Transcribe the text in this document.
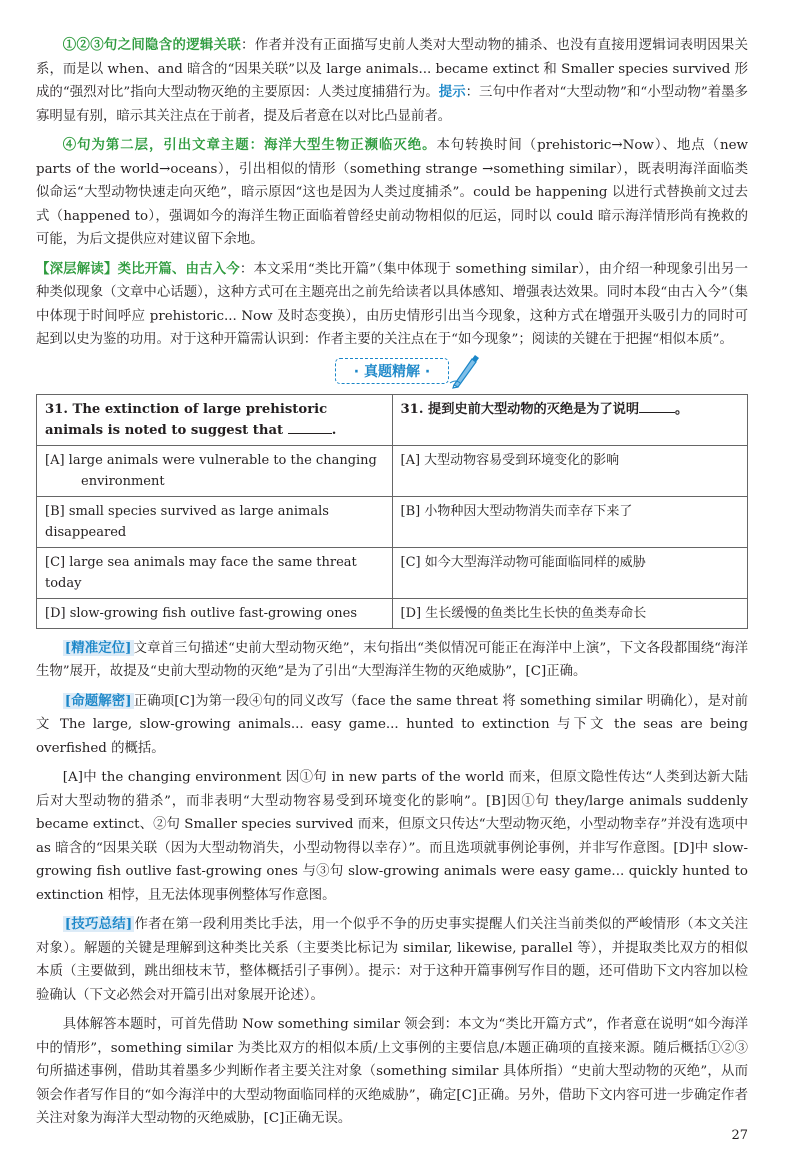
①②③句之间隐含的逻辑关联：作者并没有正面描写史前人类对大型动物的捕杀、也没有直接用逻辑词表明因果关系，而是以 when、and 暗含的“因果关联”以及 large animals... became extinct 和 Smaller species survived 形成的“强烈对比”指向大型动物灭绝的主要原因：人类过度捕猎行为。提示：三句中作者对“大型动物”和“小型动物”着墨多寡明显有别，暗示其关注点在于前者，提及后者意在以对比凸显前者。

④句为第二层，引出文章主题：海洋大型生物正濒临灭绝。本句转换时间（prehistoric→Now）、地点（new parts of the world→oceans），引出相似的情形（something strange →something similar），既表明海洋面临类似命运“大型动物快速走向灭绝”，暗示原因“这也是因为人类过度捕杀”。could be happening 以进行式替换前文过去式（happened to），强调如今的海洋生物正面临着曾经史前动物相似的厄运，同时以 could 暗示海洋情形尚有挽救的可能，为后文提供应对建议留下余地。

【深层解读】类比开篇、由古入今：本文采用“类比开篇”（集中体现于 something similar），由介绍一种现象引出另一种类似现象（文章中心话题），这种方式可在主题亮出之前先给读者以具体感知、增强表达效果。同时本段“由古入今”（集中体现于时间呼应 prehistoric... Now 及时态变换），由历史情形引出当今现象，这种方式在增强开头吸引力的同时可起到以史为鉴的功用。对于这种开篇需认识到：作者主要的关注点在于“如今现象”；阅读的关键在于把握“相似本质”。

· 真题精解 ·
31. The extinction of large prehistoric animals is noted to suggest that .	31. 提到史前大型动物的灭绝是为了说明 。

[A] large animals were vulnerable to the changing environment	[A] 大型动物容易受到环境变化的影响
[B] small species survived as large animals disappeared	[B] 小物种因大型动物消失而幸存下来了
[C] large sea animals may face the same threat today	[C] 如今大型海洋动物可能面临同样的威胁
[D] slow-growing fish outlive fast-growing ones	[D] 生长缓慢的鱼类比生长快的鱼类寿命长

[精准定位] 文章首三句描述“史前大型动物灭绝”，末句指出“类似情况可能正在海洋中上演”，下文各段都围绕“海洋生物”展开，故提及“史前大型动物的灭绝”是为了引出“大型海洋生物的灭绝威胁”，[C]正确。

[命题解密] 正确项[C]为第一段④句的同义改写（face the same threat 将 something similar 明确化），是对前文 The large, slow-growing animals... easy game... hunted to extinction 与下文 the seas are being overfished 的概括。

[A]中 the changing environment 因①句 in new parts of the world 而来，但原文隐性传达“人类到达新大陆后对大型动物的猎杀”，而非表明“大型动物容易受到环境变化的影响”。[B]因①句 they/large animals suddenly became extinct、②句 Smaller species survived 而来，但原文只传达“大型动物灭绝，小型动物幸存”并没有选项中 as 暗含的“因果关联（因为大型动物消失，小型动物得以幸存）”。而且选项就事例论事例，并非写作意图。[D]中 slow-growing fish outlive fast-growing ones 与③句 slow-growing animals were easy game... quickly hunted to extinction 相悖，且无法体现事例整体写作意图。

[技巧总结] 作者在第一段利用类比手法，用一个似乎不争的历史事实提醒人们关注当前类似的严峻情形（本文关注对象）。解题的关键是理解到这种类比关系（主要类比标记为 similar, likewise, parallel 等），并提取类比双方的相似本质（主要做到，跳出细枝末节，整体概括引子事例）。提示：对于这种开篇事例写作目的题，还可借助下文内容加以检验确认（下文必然会对开篇引出对象展开论述）。

具体解答本题时，可首先借助 Now something similar 领会到：本文为“类比开篇方式”，作者意在说明“如今海洋中的情形”，something similar 为类比双方的相似本质/上文事例的主要信息/本题正确项的直接来源。随后概括①②③句所描述事例，借助其着墨多少判断作者主要关注对象（something similar 具体所指）“史前大型动物的灭绝”，从而领会作者写作目的“如今海洋中的大型动物面临同样的灭绝威胁”，确定[C]正确。另外，借助下文内容可进一步确定作者关注对象为海洋大型动物的灭绝威胁，[C]正确无误。

27
